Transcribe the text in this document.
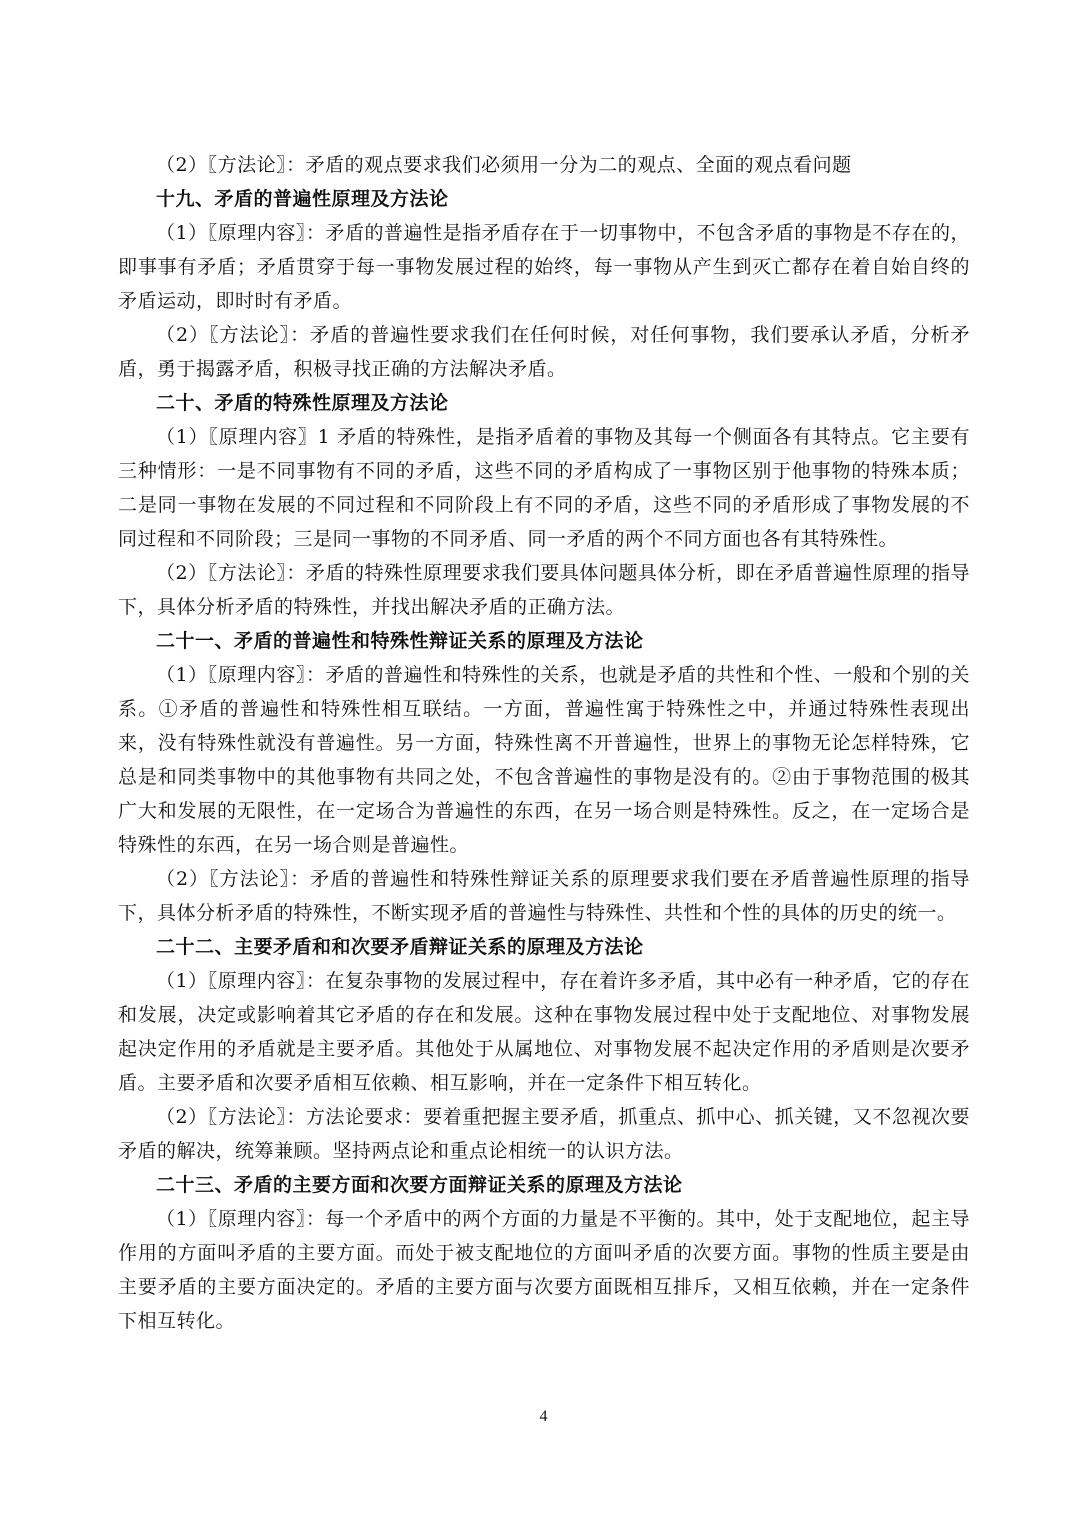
（2）〖方法论〗：矛盾的观点要求我们必须用一分为二的观点、全面的观点看问题

十九、矛盾的普遍性原理及方法论

（1）〖原理内容〗：矛盾的普遍性是指矛盾存在于一切事物中，不包含矛盾的事物是不存在的，即事事有矛盾；矛盾贯穿于每一事物发展过程的始终，每一事物从产生到灭亡都存在着自始自终的矛盾运动，即时时有矛盾。

（2）〖方法论〗：矛盾的普遍性要求我们在任何时候，对任何事物，我们要承认矛盾，分析矛盾，勇于揭露矛盾，积极寻找正确的方法解决矛盾。

二十、矛盾的特殊性原理及方法论

（1）〖原理内容〗1 矛盾的特殊性，是指矛盾着的事物及其每一个侧面各有其特点。它主要有三种情形：一是不同事物有不同的矛盾，这些不同的矛盾构成了一事物区别于他事物的特殊本质；二是同一事物在发展的不同过程和不同阶段上有不同的矛盾，这些不同的矛盾形成了事物发展的不同过程和不同阶段；三是同一事物的不同矛盾、同一矛盾的两个不同方面也各有其特殊性。

（2）〖方法论〗：矛盾的特殊性原理要求我们要具体问题具体分析，即在矛盾普遍性原理的指导下，具体分析矛盾的特殊性，并找出解决矛盾的正确方法。

二十一、矛盾的普遍性和特殊性辩证关系的原理及方法论

（1）〖原理内容〗：矛盾的普遍性和特殊性的关系，也就是矛盾的共性和个性、一般和个别的关系。①矛盾的普遍性和特殊性相互联结。一方面，普遍性寓于特殊性之中，并通过特殊性表现出来，没有特殊性就没有普遍性。另一方面，特殊性离不开普遍性，世界上的事物无论怎样特殊，它总是和同类事物中的其他事物有共同之处，不包含普遍性的事物是没有的。②由于事物范围的极其广大和发展的无限性，在一定场合为普遍性的东西，在另一场合则是特殊性。反之，在一定场合是特殊性的东西，在另一场合则是普遍性。

（2）〖方法论〗：矛盾的普遍性和特殊性辩证关系的原理要求我们要在矛盾普遍性原理的指导下，具体分析矛盾的特殊性，不断实现矛盾的普遍性与特殊性、共性和个性的具体的历史的统一。

二十二、主要矛盾和和次要矛盾辩证关系的原理及方法论

（1）〖原理内容〗：在复杂事物的发展过程中，存在着许多矛盾，其中必有一种矛盾，它的存在和发展，决定或影响着其它矛盾的存在和发展。这种在事物发展过程中处于支配地位、对事物发展起决定作用的矛盾就是主要矛盾。其他处于从属地位、对事物发展不起决定作用的矛盾则是次要矛盾。主要矛盾和次要矛盾相互依赖、相互影响，并在一定条件下相互转化。

（2）〖方法论〗：方法论要求：要着重把握主要矛盾，抓重点、抓中心、抓关键，又不忽视次要矛盾的解决，统筹兼顾。坚持两点论和重点论相统一的认识方法。

二十三、矛盾的主要方面和次要方面辩证关系的原理及方法论

（1）〖原理内容〗：每一个矛盾中的两个方面的力量是不平衡的。其中，处于支配地位，起主导作用的方面叫矛盾的主要方面。而处于被支配地位的方面叫矛盾的次要方面。事物的性质主要是由主要矛盾的主要方面决定的。矛盾的主要方面与次要方面既相互排斥，又相互依赖，并在一定条件下相互转化。

4
